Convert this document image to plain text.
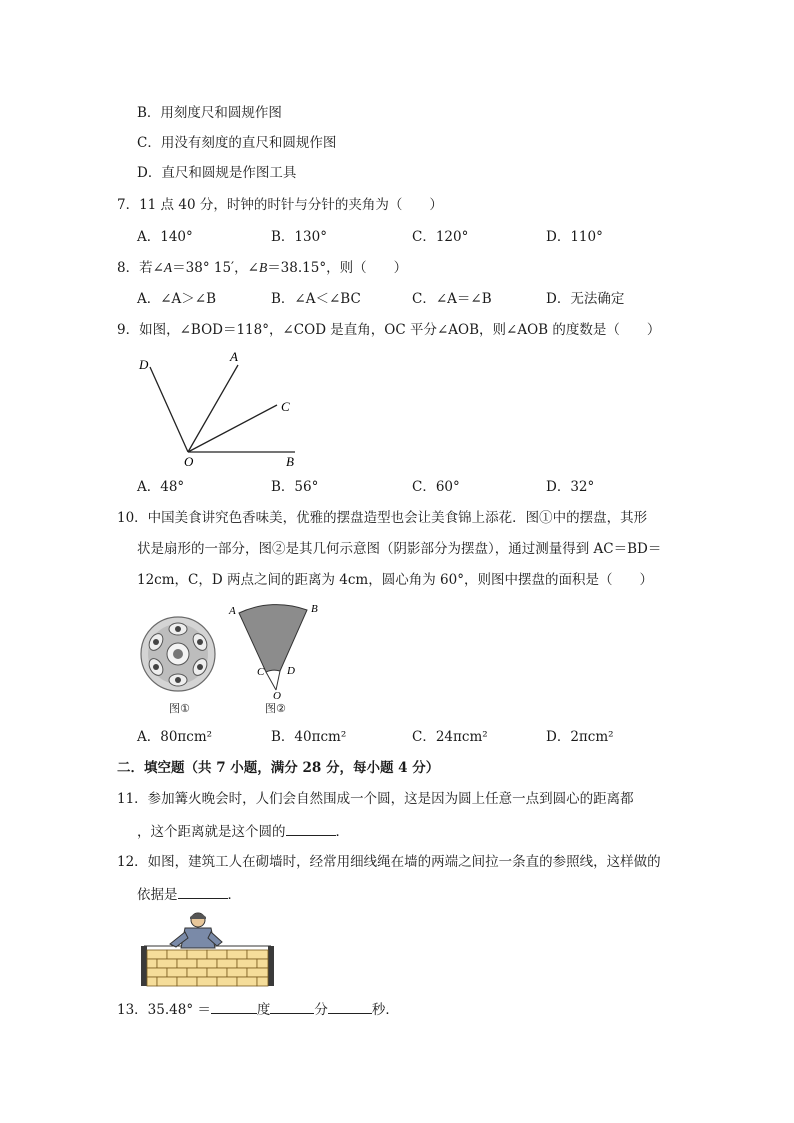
B．用刻度尺和圆规作图
C．用没有刻度的直尺和圆规作图
D．直尺和圆规是作图工具
7．11 点 40 分，时钟的时针与分针的夹角为（　　）
A．140°	B．130°	C．120°	D．110°
8．若∠A＝38° 15′，∠B＝38.15°，则（　　）
A．∠A＞∠B	B．∠A＜∠BC	C．∠A＝∠B	D．无法确定
9．如图，∠BOD＝118°，∠COD 是直角，OC 平分∠AOB，则∠AOB 的度数是（　　）
D
A
C
O	B
A．48°	B．56°	C．60°	D．32°
10．中国美食讲究色香味美，优雅的摆盘造型也会让美食锦上添花．图①中的摆盘，其形
状是扇形的一部分，图②是其几何示意图（阴影部分为摆盘），通过测量得到 AC＝BD＝
12cm，C，D 两点之间的距离为 4cm，圆心角为 60°，则图中摆盘的面积是（　　）
图①
A	B
C D
O
图②
A．80πcm²	B．40πcm²	C．24πcm²	D．2πcm²
二．填空题（共 7 小题，满分 28 分，每小题 4 分）
11．参加篝火晚会时，人们会自然围成一个圆，这是因为圆上任意一点到圆心的距离都
，这个距离就是这个圆的	．
12．如图，建筑工人在砌墙时，经常用细线绳在墙的两端之间拉一条直的参照线，这样做的
依据是	．
13．35.48° ＝	度	分	秒．
